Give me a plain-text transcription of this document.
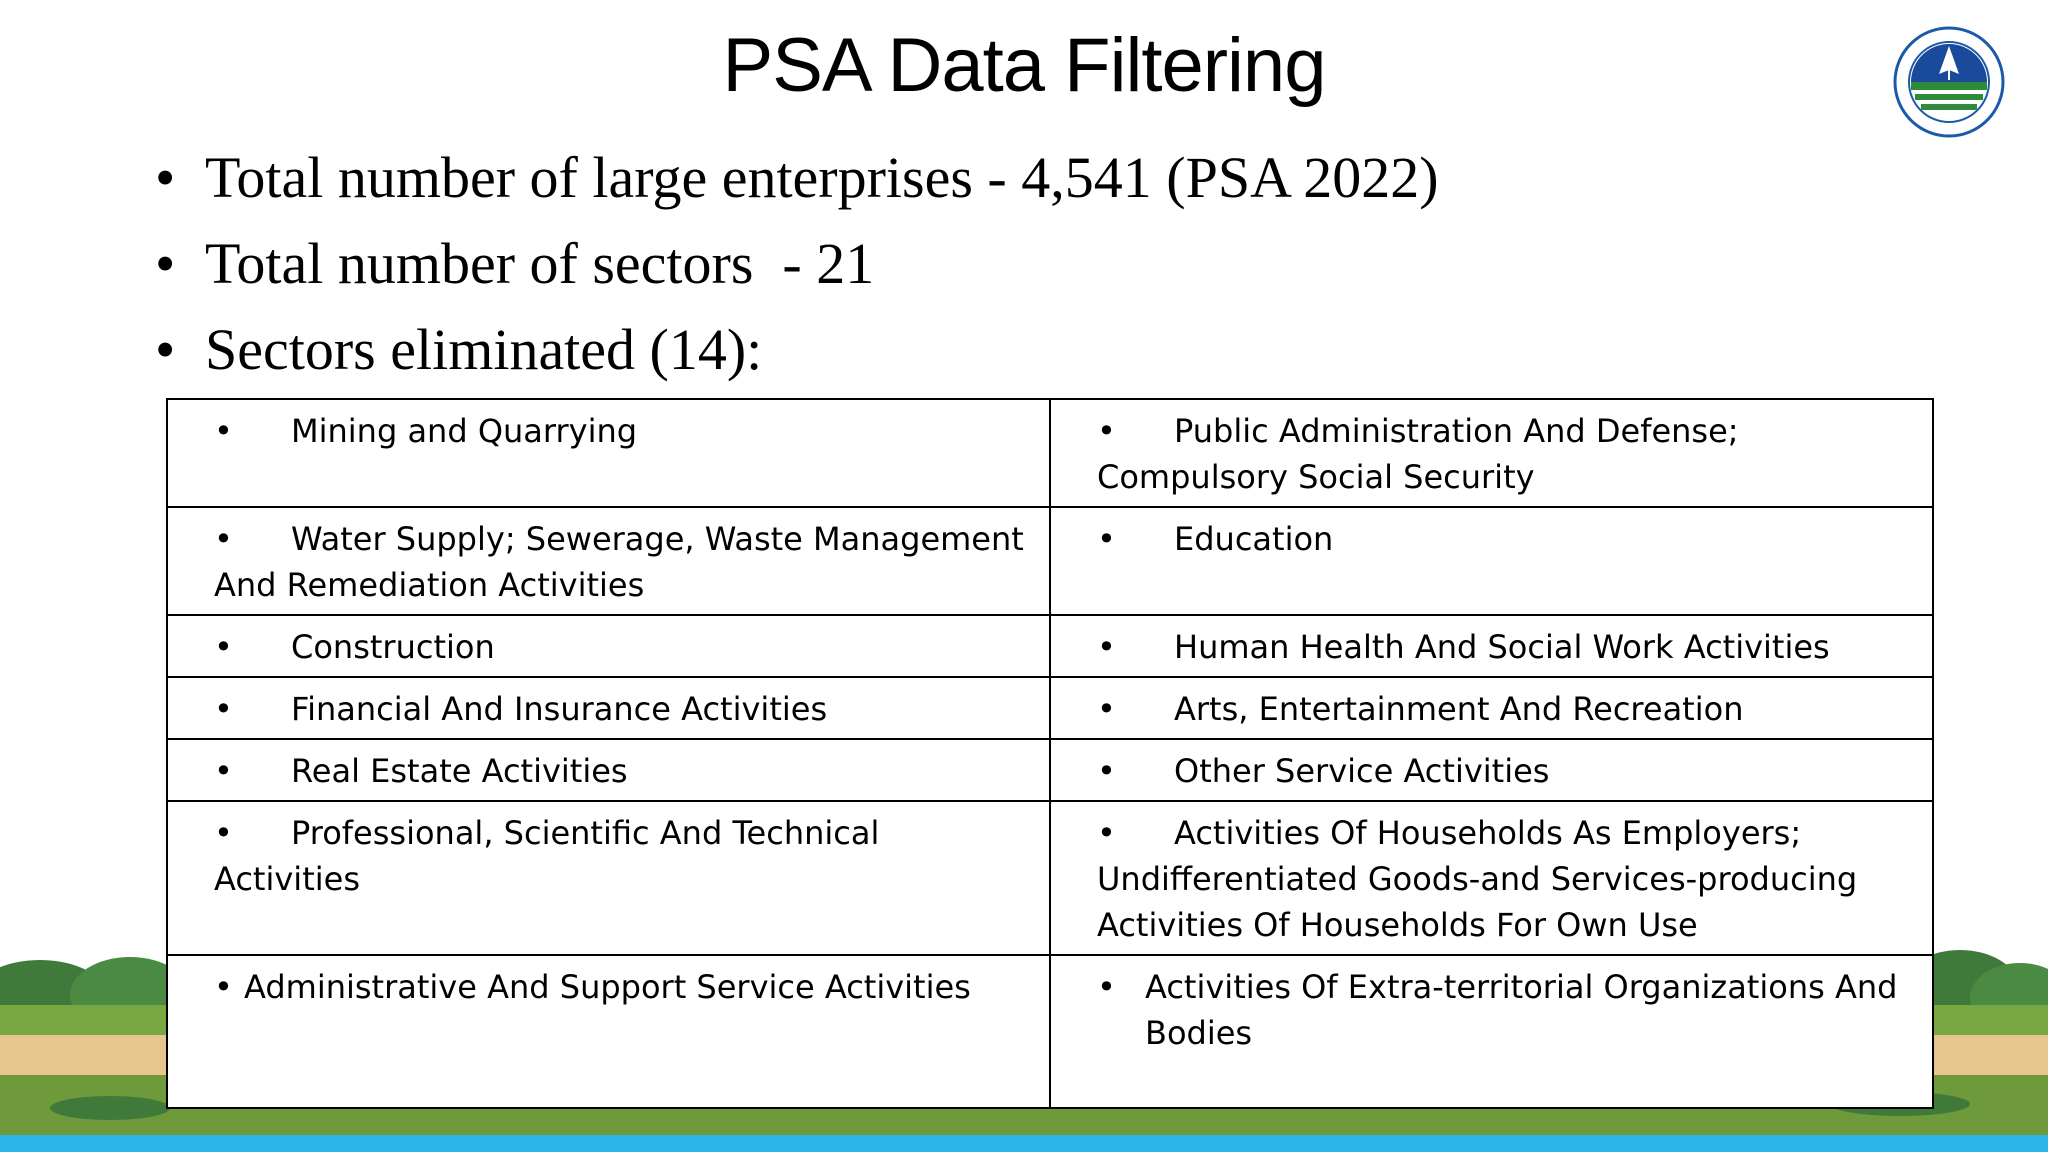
PSA Data Filtering
• Total number of large enterprises - 4,541 (PSA 2022)
• Total number of sectors  - 21
• Sectors eliminated (14):
• Mining and Quarrying	• Public Administration And Defense; Compulsory Social Security
• Water Supply; Sewerage, Waste Management And Remediation Activities	• Education
• Construction	• Human Health And Social Work Activities
• Financial And Insurance Activities	• Arts, Entertainment And Recreation
• Real Estate Activities	• Other Service Activities
• Professional, Scientific And Technical Activities	• Activities Of Households As Employers; Undifferentiated Goods-and Services-producing Activities Of Households For Own Use
• Administrative And Support Service Activities	• Activities Of Extra-territorial Organizations And Bodies
